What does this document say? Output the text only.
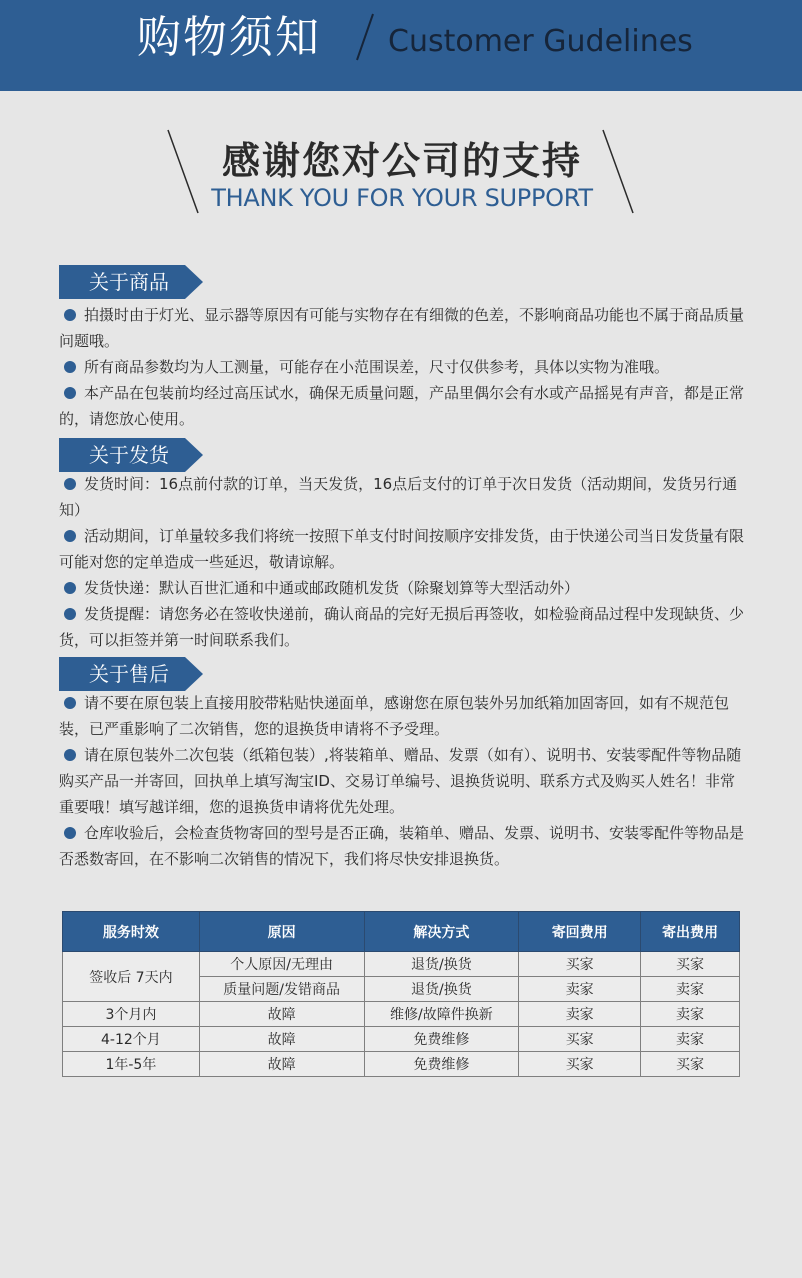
购物须知 Customer Gudelines
感谢您对公司的支持
THANK YOU FOR YOUR SUPPORT
关于商品

拍摄时由于灯光、显示器等原因有可能与实物存在有细微的色差，不影响商品功能也不属于商品质量问题哦。

所有商品参数均为人工测量，可能存在小范围误差，尺寸仅供参考，具体以实物为准哦。

本产品在包装前均经过高压试水，确保无质量问题，产品里偶尔会有水或产品摇晃有声音，都是正常的，请您放心使用。

关于发货

发货时间：16点前付款的订单，当天发货，16点后支付的订单于次日发货（活动期间，发货另行通知）

活动期间，订单量较多我们将统一按照下单支付时间按顺序安排发货，由于快递公司当日发货量有限可能对您的定单造成一些延迟，敬请谅解。

发货快递：默认百世汇通和中通或邮政随机发货（除聚划算等大型活动外）

发货提醒：请您务必在签收快递前，确认商品的完好无损后再签收，如检验商品过程中发现缺货、少货，可以拒签并第一时间联系我们。

关于售后

请不要在原包装上直接用胶带粘贴快递面单，感谢您在原包装外另加纸箱加固寄回，如有不规范包装，已严重影响了二次销售，您的退换货申请将不予受理。

请在原包装外二次包装（纸箱包装）,将装箱单、赠品、发票（如有）、说明书、安装零配件等物品随购买产品一并寄回，回执单上填写淘宝ID、交易订单编号、退换货说明、联系方式及购买人姓名！非常重要哦！填写越详细，您的退换货申请将优先处理。

仓库收验后，会检查货物寄回的型号是否正确，装箱单、赠品、发票、说明书、安装零配件等物品是否悉数寄回，在不影响二次销售的情况下，我们将尽快安排退换货。

服务时效	原因	解决方式	寄回费用	寄出费用
签收后 7天内	个人原因/无理由	退货/换货	买家	买家
	质量问题/发错商品	退货/换货	卖家	卖家
3个月内	故障	维修/故障件换新	卖家	卖家
4-12个月	故障	免费维修	买家	卖家
1年-5年	故障	免费维修	买家	买家
